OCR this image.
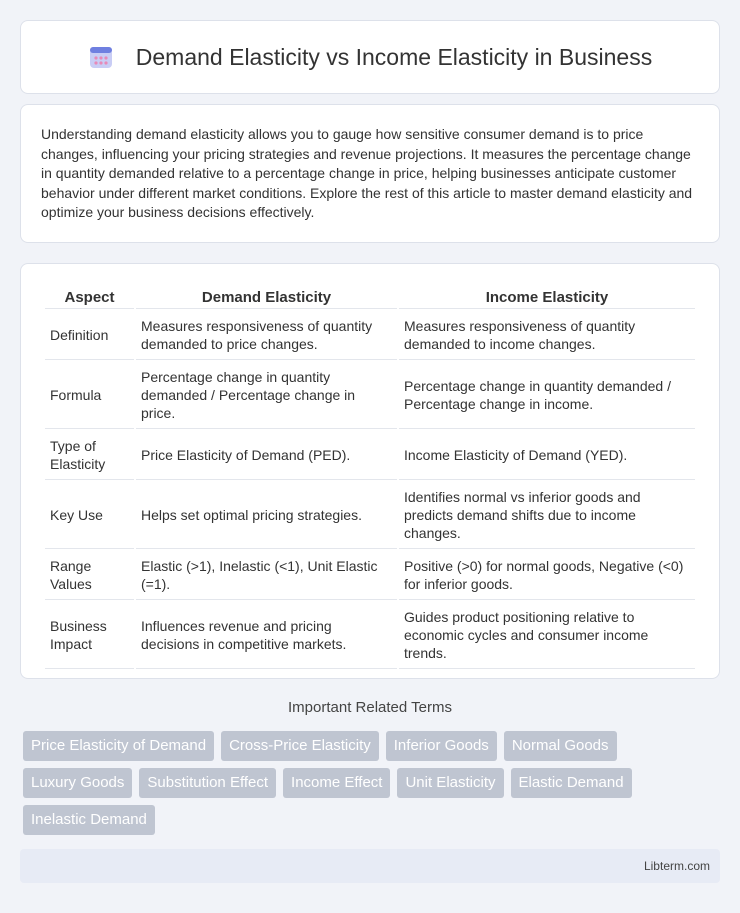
Demand Elasticity vs Income Elasticity in Business

Understanding demand elasticity allows you to gauge how sensitive consumer demand is to price changes, influencing your pricing strategies and revenue projections. It measures the percentage change in quantity demanded relative to a percentage change in price, helping businesses anticipate customer behavior under different market conditions. Explore the rest of this article to master demand elasticity and optimize your business decisions effectively.

Aspect	Demand Elasticity	Income Elasticity
Definition	Measures responsiveness of quantity demanded to price changes.	Measures responsiveness of quantity demanded to income changes.
Formula	Percentage change in quantity demanded / Percentage change in price.	Percentage change in quantity demanded / Percentage change in income.
Type of Elasticity	Price Elasticity of Demand (PED).	Income Elasticity of Demand (YED).
Key Use	Helps set optimal pricing strategies.	Identifies normal vs inferior goods and predicts demand shifts due to income changes.
Range Values	Elastic (>1), Inelastic (<1), Unit Elastic (=1).	Positive (>0) for normal goods, Negative (<0) for inferior goods.
Business Impact	Influences revenue and pricing decisions in competitive markets.	Guides product positioning relative to economic cycles and consumer income trends.
Important Related Terms
Price Elasticity of Demand	Cross-Price Elasticity	Inferior Goods	Normal Goods
Luxury Goods	Substitution Effect	Income Effect	Unit Elasticity	Elastic Demand
Inelastic Demand
Libterm.com
